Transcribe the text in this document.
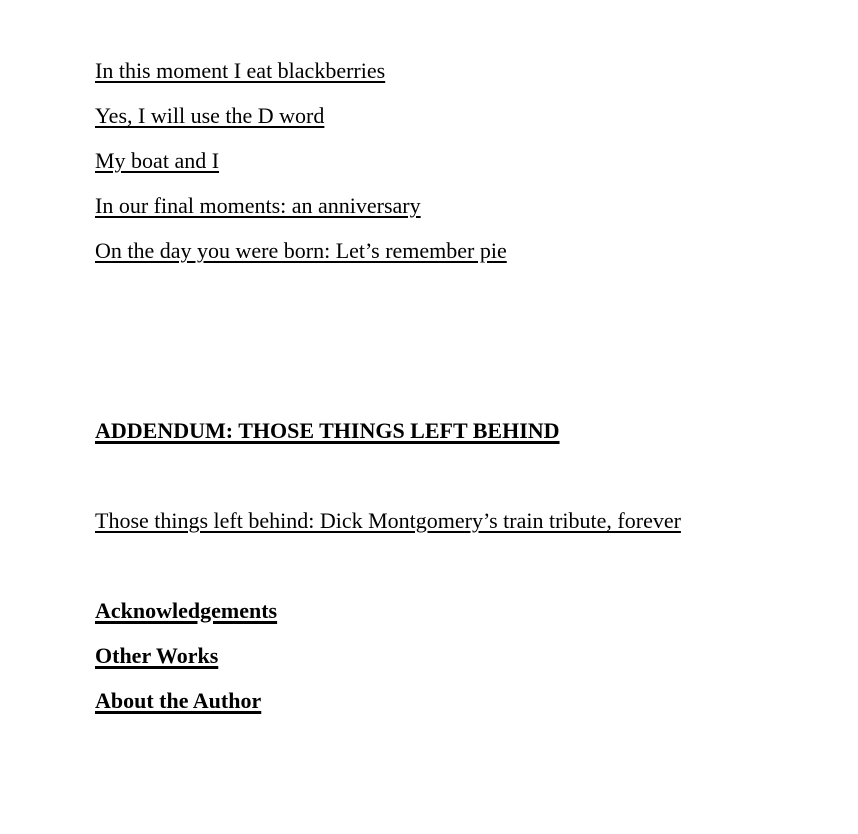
In this moment I eat blackberries
Yes, I will use the D word
My boat and I
In our final moments: an anniversary
On the day you were born: Let’s remember pie
ADDENDUM: THOSE THINGS LEFT BEHIND
Those things left behind: Dick Montgomery’s train tribute, forever
Acknowledgements
Other Works
About the Author
